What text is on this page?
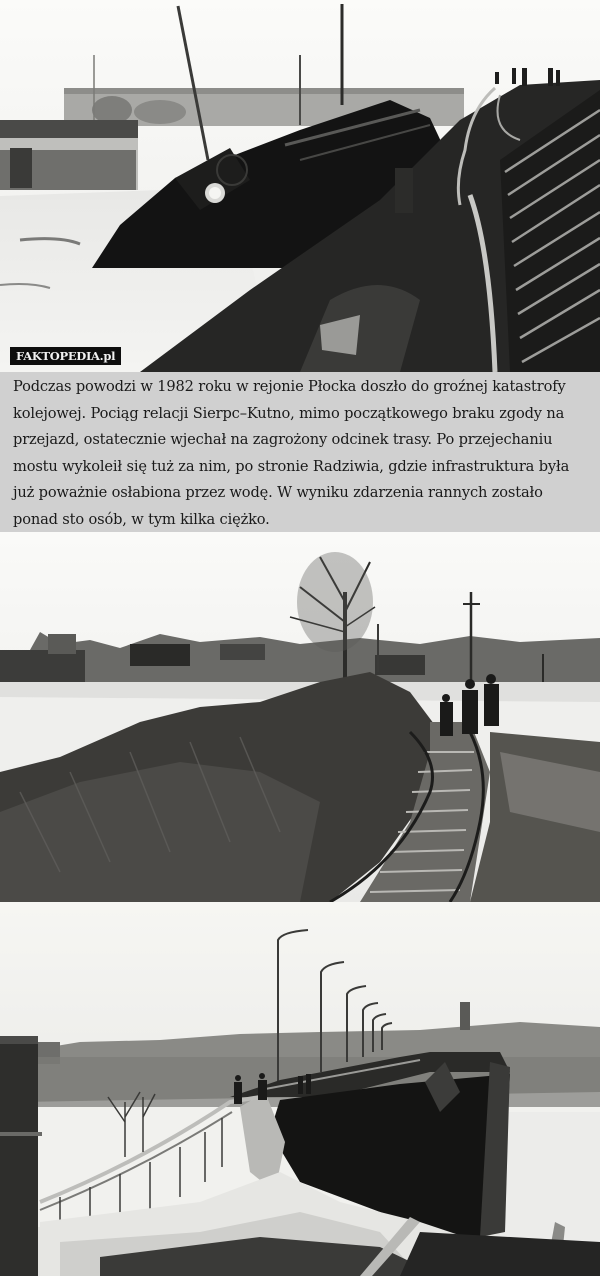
FAKTOPEDIA.pl
Podczas powodzi w 1982 roku w rejonie Płocka doszło do groźnej katastrofy kolejowej. Pociąg relacji Sierpc–Kutno, mimo początkowego braku zgody na przejazd, ostatecznie wjechał na zagrożony odcinek trasy. Po przejechaniu mostu wykoleił się tuż za nim, po stronie Radziwia, gdzie infrastruktura była już poważnie osłabiona przez wodę. W wyniku zdarzenia rannych zostało ponad sto osób, w tym kilka ciężko.
